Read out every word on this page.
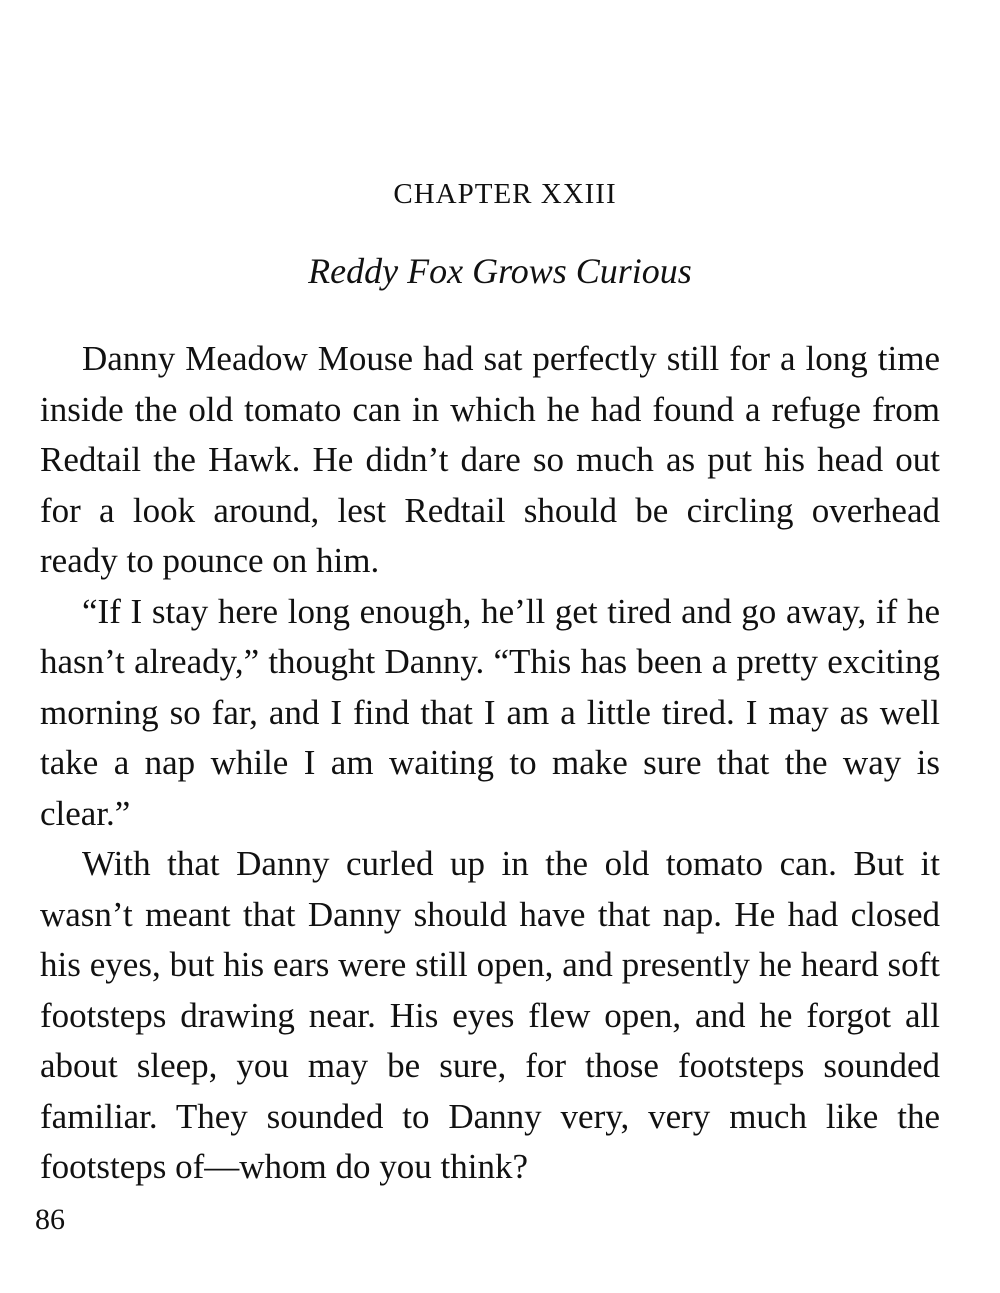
CHAPTER XXIII
Reddy Fox Grows Curious

Danny Meadow Mouse had sat perfectly still for a long time inside the old tomato can in which he had found a refuge from Redtail the Hawk. He didn’t dare so much as put his head out for a look around, lest Redtail should be circling overhead ready to pounce on him.

“If I stay here long enough, he’ll get tired and go away, if he hasn’t already,” thought Danny. “This has been a pretty exciting morning so far, and I find that I am a little tired. I may as well take a nap while I am waiting to make sure that the way is clear.”

With that Danny curled up in the old tomato can. But it wasn’t meant that Danny should have that nap. He had closed his eyes, but his ears were still open, and presently he heard soft footsteps drawing near. His eyes flew open, and he forgot all about sleep, you may be sure, for those footsteps sounded familiar. They sounded to Danny very, very much like the footsteps of—whom do you think?

86
